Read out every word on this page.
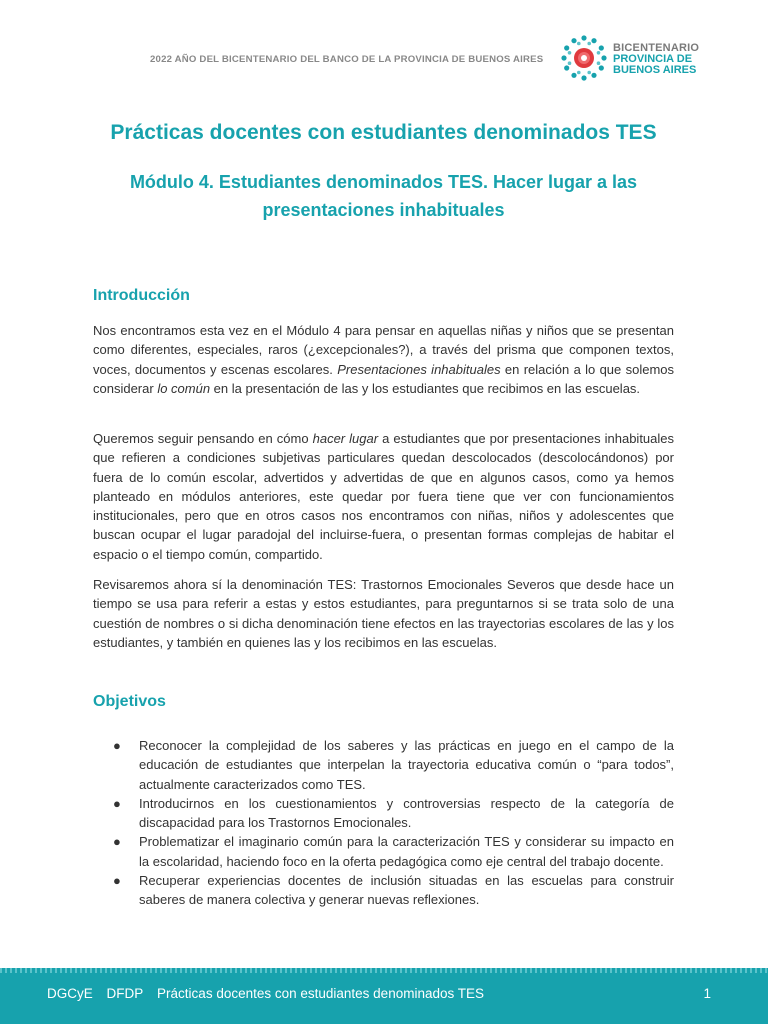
2022 AÑO DEL BICENTENARIO DEL BANCO DE LA PROVINCIA DE BUENOS AIRES
BICENTENARIO
PROVINCIA DE
BUENOS AIRES
Prácticas docentes con estudiantes denominados TES
Módulo 4. Estudiantes denominados TES. Hacer lugar a las presentaciones inhabituales
Introducción

Nos encontramos esta vez en el Módulo 4 para pensar en aquellas niñas y niños que se presentan como diferentes, especiales, raros (¿excepcionales?), a través del prisma que componen textos, voces, documentos y escenas escolares. Presentaciones inhabituales en relación a lo que solemos considerar lo común en la presentación de las y los estudiantes que recibimos en las escuelas.

Queremos seguir pensando en cómo hacer lugar a estudiantes que por presentaciones inhabituales que refieren a condiciones subjetivas particulares quedan descolocados (descolocándonos) por fuera de lo común escolar, advertidos y advertidas de que en algunos casos, como ya hemos planteado en módulos anteriores, este quedar por fuera tiene que ver con funcionamientos institucionales, pero que en otros casos nos encontramos con niñas, niños y adolescentes que buscan ocupar el lugar paradojal del incluirse-fuera, o presentan formas complejas de habitar el espacio o el tiempo común, compartido.

Revisaremos ahora sí la denominación TES: Trastornos Emocionales Severos que desde hace un tiempo se usa para referir a estas y estos estudiantes, para preguntarnos si se trata solo de una cuestión de nombres o si dicha denominación tiene efectos en las trayectorias escolares de las y los estudiantes, y también en quienes las y los recibimos en las escuelas.

Objetivos
● Reconocer la complejidad de los saberes y las prácticas en juego en el campo de la educación de estudiantes que interpelan la trayectoria educativa común o “para todos”, actualmente caracterizados como TES.
● Introducirnos en los cuestionamientos y controversias respecto de la categoría de discapacidad para los Trastornos Emocionales.
● Problematizar el imaginario común para la caracterización TES y considerar su impacto en la escolaridad, haciendo foco en la oferta pedagógica como eje central del trabajo docente.
● Recuperar experiencias docentes de inclusión situadas en las escuelas para construir saberes de manera colectiva y generar nuevas reflexiones.
DGCyE DFDP Prácticas docentes con estudiantes denominados TES	1
